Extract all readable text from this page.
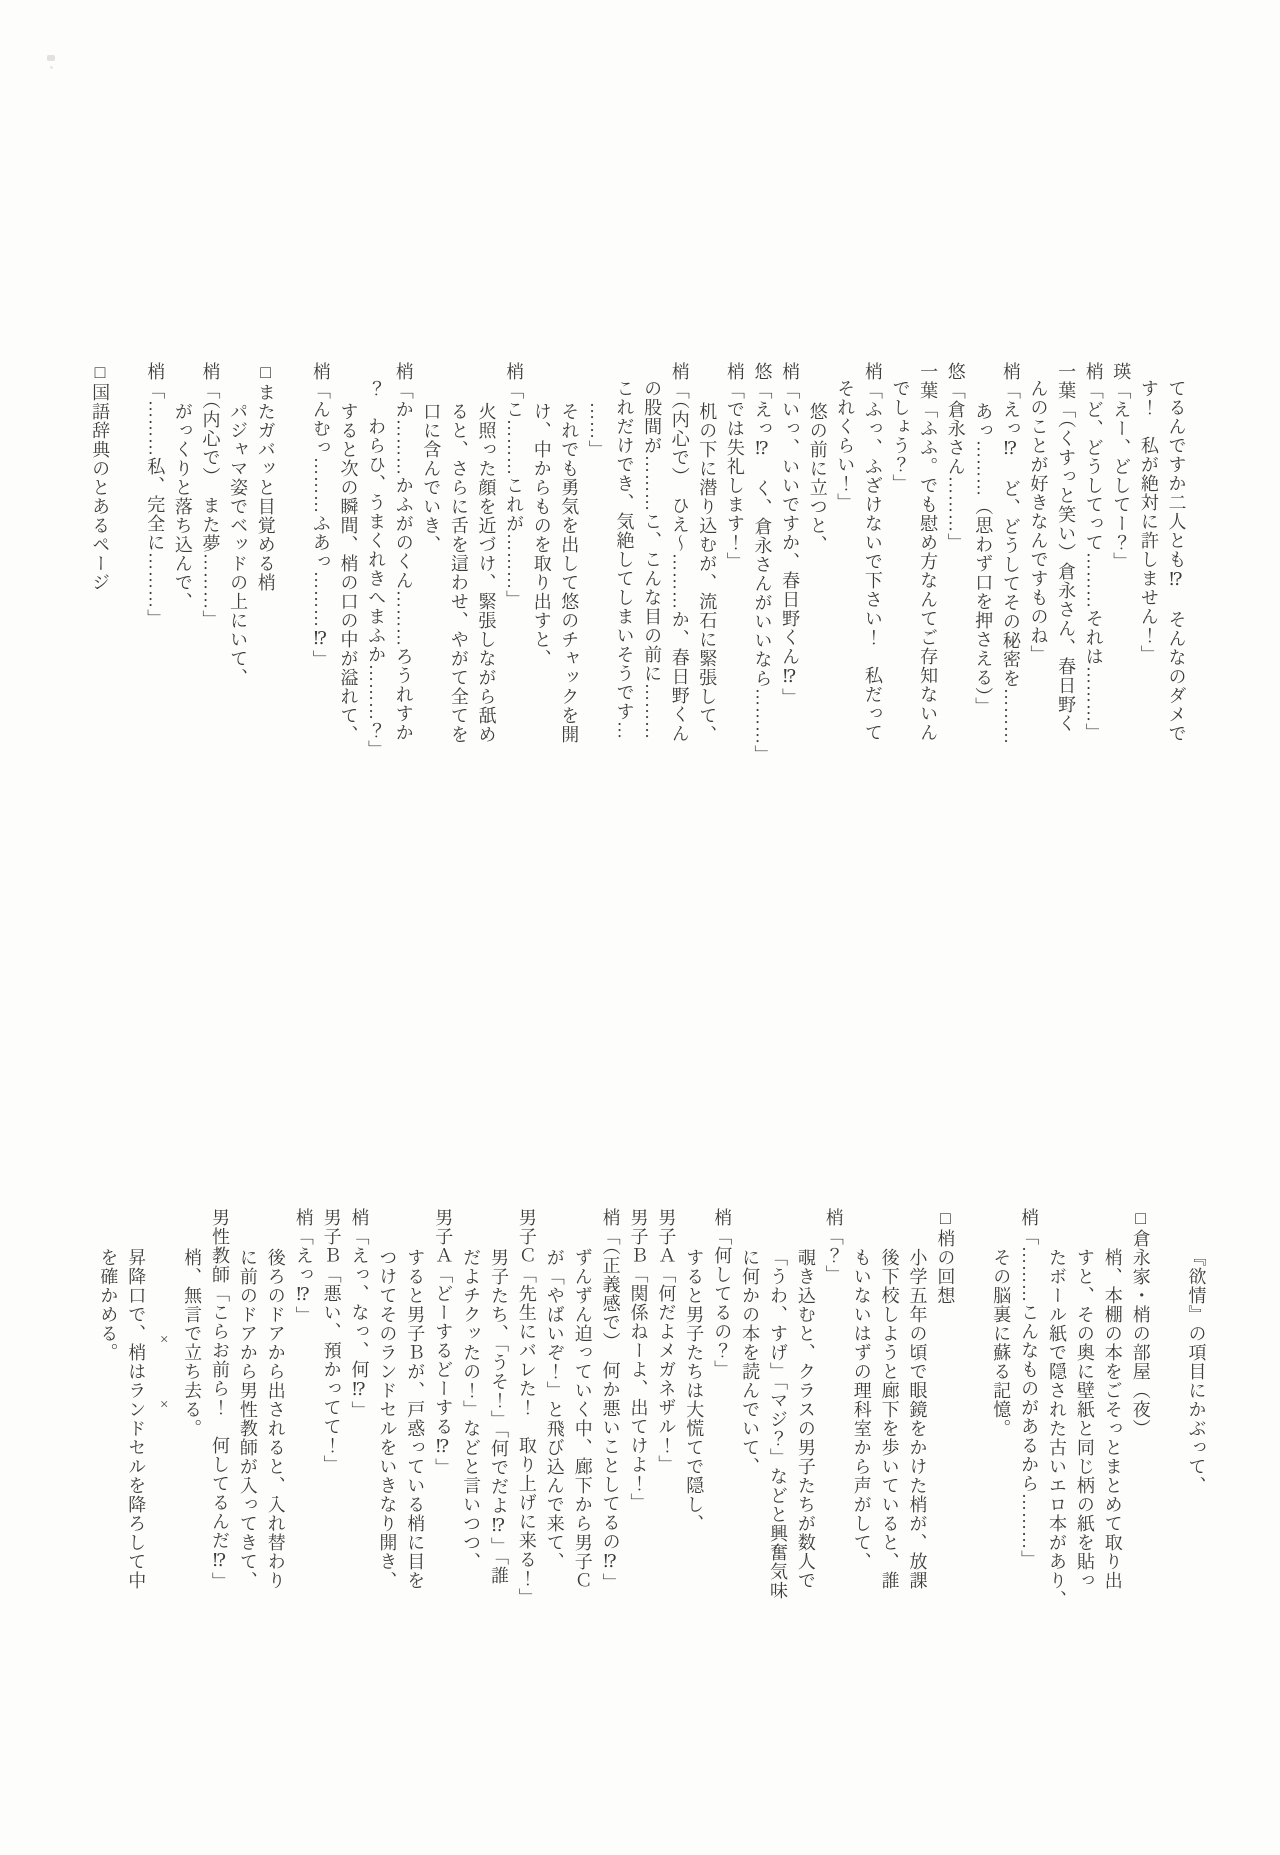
てるんですか二人とも⁉　そんなのダメで
す！　私が絶対に許しません！」
瑛「えー、どしてー？」
梢「ど、どうしてって………それは………」
一葉「（くすっと笑い）倉永さん、春日野く
んのことが好きなんですものね」
梢「えっ⁉　ど、どうしてその秘密を………
あっ………（思わず口を押さえる）」
悠「倉永さん………」
一葉「ふふ。でも慰め方なんてご存知ないん
でしょう？」
梢「ふっ、ふざけないで下さい！　私だって
それくらい！」
悠の前に立つと、
梢「いっ、いいですか、春日野くん⁉」
悠「えっ⁉　く、倉永さんがいいなら………」
梢「では失礼します！」
机の下に潜り込むが、流石に緊張して、
梢「（内心で）　ひえ〜………か、春日野くん
の股間が………こ、こんな目の前に………
これだけでき、気絶してしまいそうです…
……」
それでも勇気を出して悠のチャックを開
け、中からものを取り出すと、
梢「こ………これが………」
火照った顔を近づけ、緊張しながら舐め
ると、さらに舌を這わせ、やがて全てを
口に含んでいき、
梢「か………かふがのくん………ろうれすか
？　わらひ、うまくれきへまふか………？」
すると次の瞬間、梢の口の中が溢れて、
梢「んむっ………ふあっ………⁉」
□またガバッと目覚める梢
パジャマ姿でベッドの上にいて、
梢「（内心で）　また夢………」
がっくりと落ち込んで、
梢「………私、完全に………」
□国語辞典のとあるページ
『欲情』の項目にかぶって、
□倉永家・梢の部屋（夜）
梢、本棚の本をごそっとまとめて取り出
すと、その奥に壁紙と同じ柄の紙を貼っ
たボール紙で隠された古いエロ本があり、
梢「………こんなものがあるから………」
その脳裏に蘇る記憶。
□梢の回想
小学五年の頃で眼鏡をかけた梢が、放課
後下校しようと廊下を歩いていると、誰
もいないはずの理科室から声がして、
梢「？」
覗き込むと、クラスの男子たちが数人で
「うわ、すげ」「マジ？」などと興奮気味
に何かの本を読んでいて、
梢「何してるの？」
すると男子たちは大慌てで隠し、
男子Ａ「何だよメガネザル！」
男子Ｂ「関係ねーよ、出てけよ！」
梢「（正義感で）　何か悪いことしてるの⁉」
ずんずん迫っていく中、廊下から男子Ｃ
が「やばいぞ！」と飛び込んで来て、
男子Ｃ「先生にバレた！　取り上げに来る！」
男子たち、「うそ！」「何でだよ⁉」「誰
だよチクッたの！」などと言いつつ、
男子Ａ「どーするどーする⁉」
すると男子Ｂが、戸惑っている梢に目を
つけてそのランドセルをいきなり開き、
梢「えっ、なっ、何⁉」
男子Ｂ「悪い、預かってて！」
梢「えっ⁉」
後ろのドアから出されると、入れ替わり
に前のドアから男性教師が入ってきて、
男性教師「こらお前ら！　何してるんだ⁉」
梢、無言で立ち去る。
×　　　×
昇降口で、梢はランドセルを降ろして中
を確かめる。
